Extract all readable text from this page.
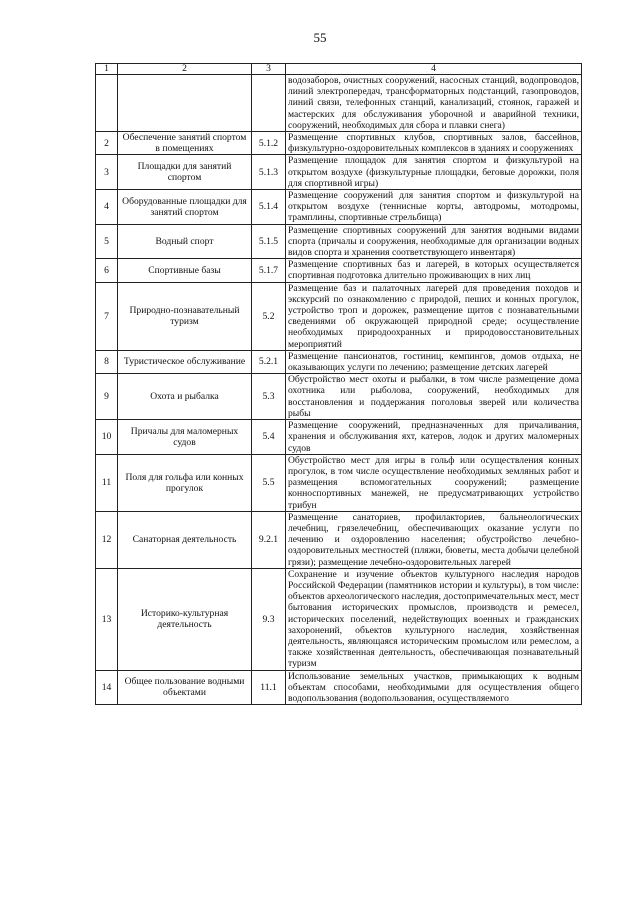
55
1	2	3	4
			водозаборов, очистных сооружений, насосных станций, водопроводов, линий электропередач, трансформаторных подстанций, газопроводов, линий связи, телефонных станций, канализаций, стоянок, гаражей и мастерских для обслуживания уборочной и аварийной техники, сооружений, необходимых для сбора и плавки снега)
2	Обеспечение занятий спортом в помещениях	5.1.2	Размещение спортивных клубов, спортивных залов, бассейнов, физкультурно-оздоровительных комплексов в зданиях и сооружениях
3	Площадки для занятий спортом	5.1.3	Размещение площадок для занятия спортом и физкультурой на открытом воздухе (физкультурные площадки, беговые дорожки, поля для спортивной игры)
4	Оборудованные площадки для занятий спортом	5.1.4	Размещение сооружений для занятия спортом и физкультурой на открытом воздухе (теннисные корты, автодромы, мотодромы, трамплины, спортивные стрельбища)
5	Водный спорт	5.1.5	Размещение спортивных сооружений для занятия водными видами спорта (причалы и сооружения, необходимые для организации водных видов спорта и хранения соответствующего инвентаря)
6	Спортивные базы	5.1.7	Размещение спортивных баз и лагерей, в которых осуществляется спортивная подготовка длительно проживающих в них лиц
7	Природно-познавательный туризм	5.2	Размещение баз и палаточных лагерей для проведения походов и экскурсий по ознакомлению с природой, пеших и конных прогулок, устройство троп и дорожек, размещение щитов с познавательными сведениями об окружающей природной среде; осуществление необходимых природоохранных и природовосстановительных мероприятий
8	Туристическое обслуживание	5.2.1	Размещение пансионатов, гостиниц, кемпингов, домов отдыха, не оказывающих услуги по лечению; размещение детских лагерей
9	Охота и рыбалка	5.3	Обустройство мест охоты и рыбалки, в том числе размещение дома охотника или рыболова, сооружений, необходимых для восстановления и поддержания поголовья зверей или количества рыбы
10	Причалы для маломерных судов	5.4	Размещение сооружений, предназначенных для причаливания, хранения и обслуживания яхт, катеров, лодок и других маломерных судов
11	Поля для гольфа или конных прогулок	5.5	Обустройство мест для игры в гольф или осуществления конных прогулок, в том числе осуществление необходимых земляных работ и размещения вспомогательных сооружений; размещение конноспортивных манежей, не предусматривающих устройство трибун
12	Санаторная деятельность	9.2.1	Размещение санаториев, профилакториев, бальнеологических лечебниц, грязелечебниц, обеспечивающих оказание услуги по лечению и оздоровлению населения; обустройство лечебно-оздоровительных местностей (пляжи, бюветы, места добычи целебной грязи); размещение лечебно-оздоровительных лагерей
13	Историко-культурная деятельность	9.3	Сохранение и изучение объектов культурного наследия народов Российской Федерации (памятников истории и культуры), в том числе: объектов археологического наследия, достопримечательных мест, мест бытования исторических промыслов, производств и ремесел, исторических поселений, недействующих военных и гражданских захоронений, объектов культурного наследия, хозяйственная деятельность, являющаяся историческим промыслом или ремеслом, а также хозяйственная деятельность, обеспечивающая познавательный туризм
14	Общее пользование водными объектами	11.1	Использование земельных участков, примыкающих к водным объектам способами, необходимыми для осуществления общего водопользования (водопользования, осуществляемого
